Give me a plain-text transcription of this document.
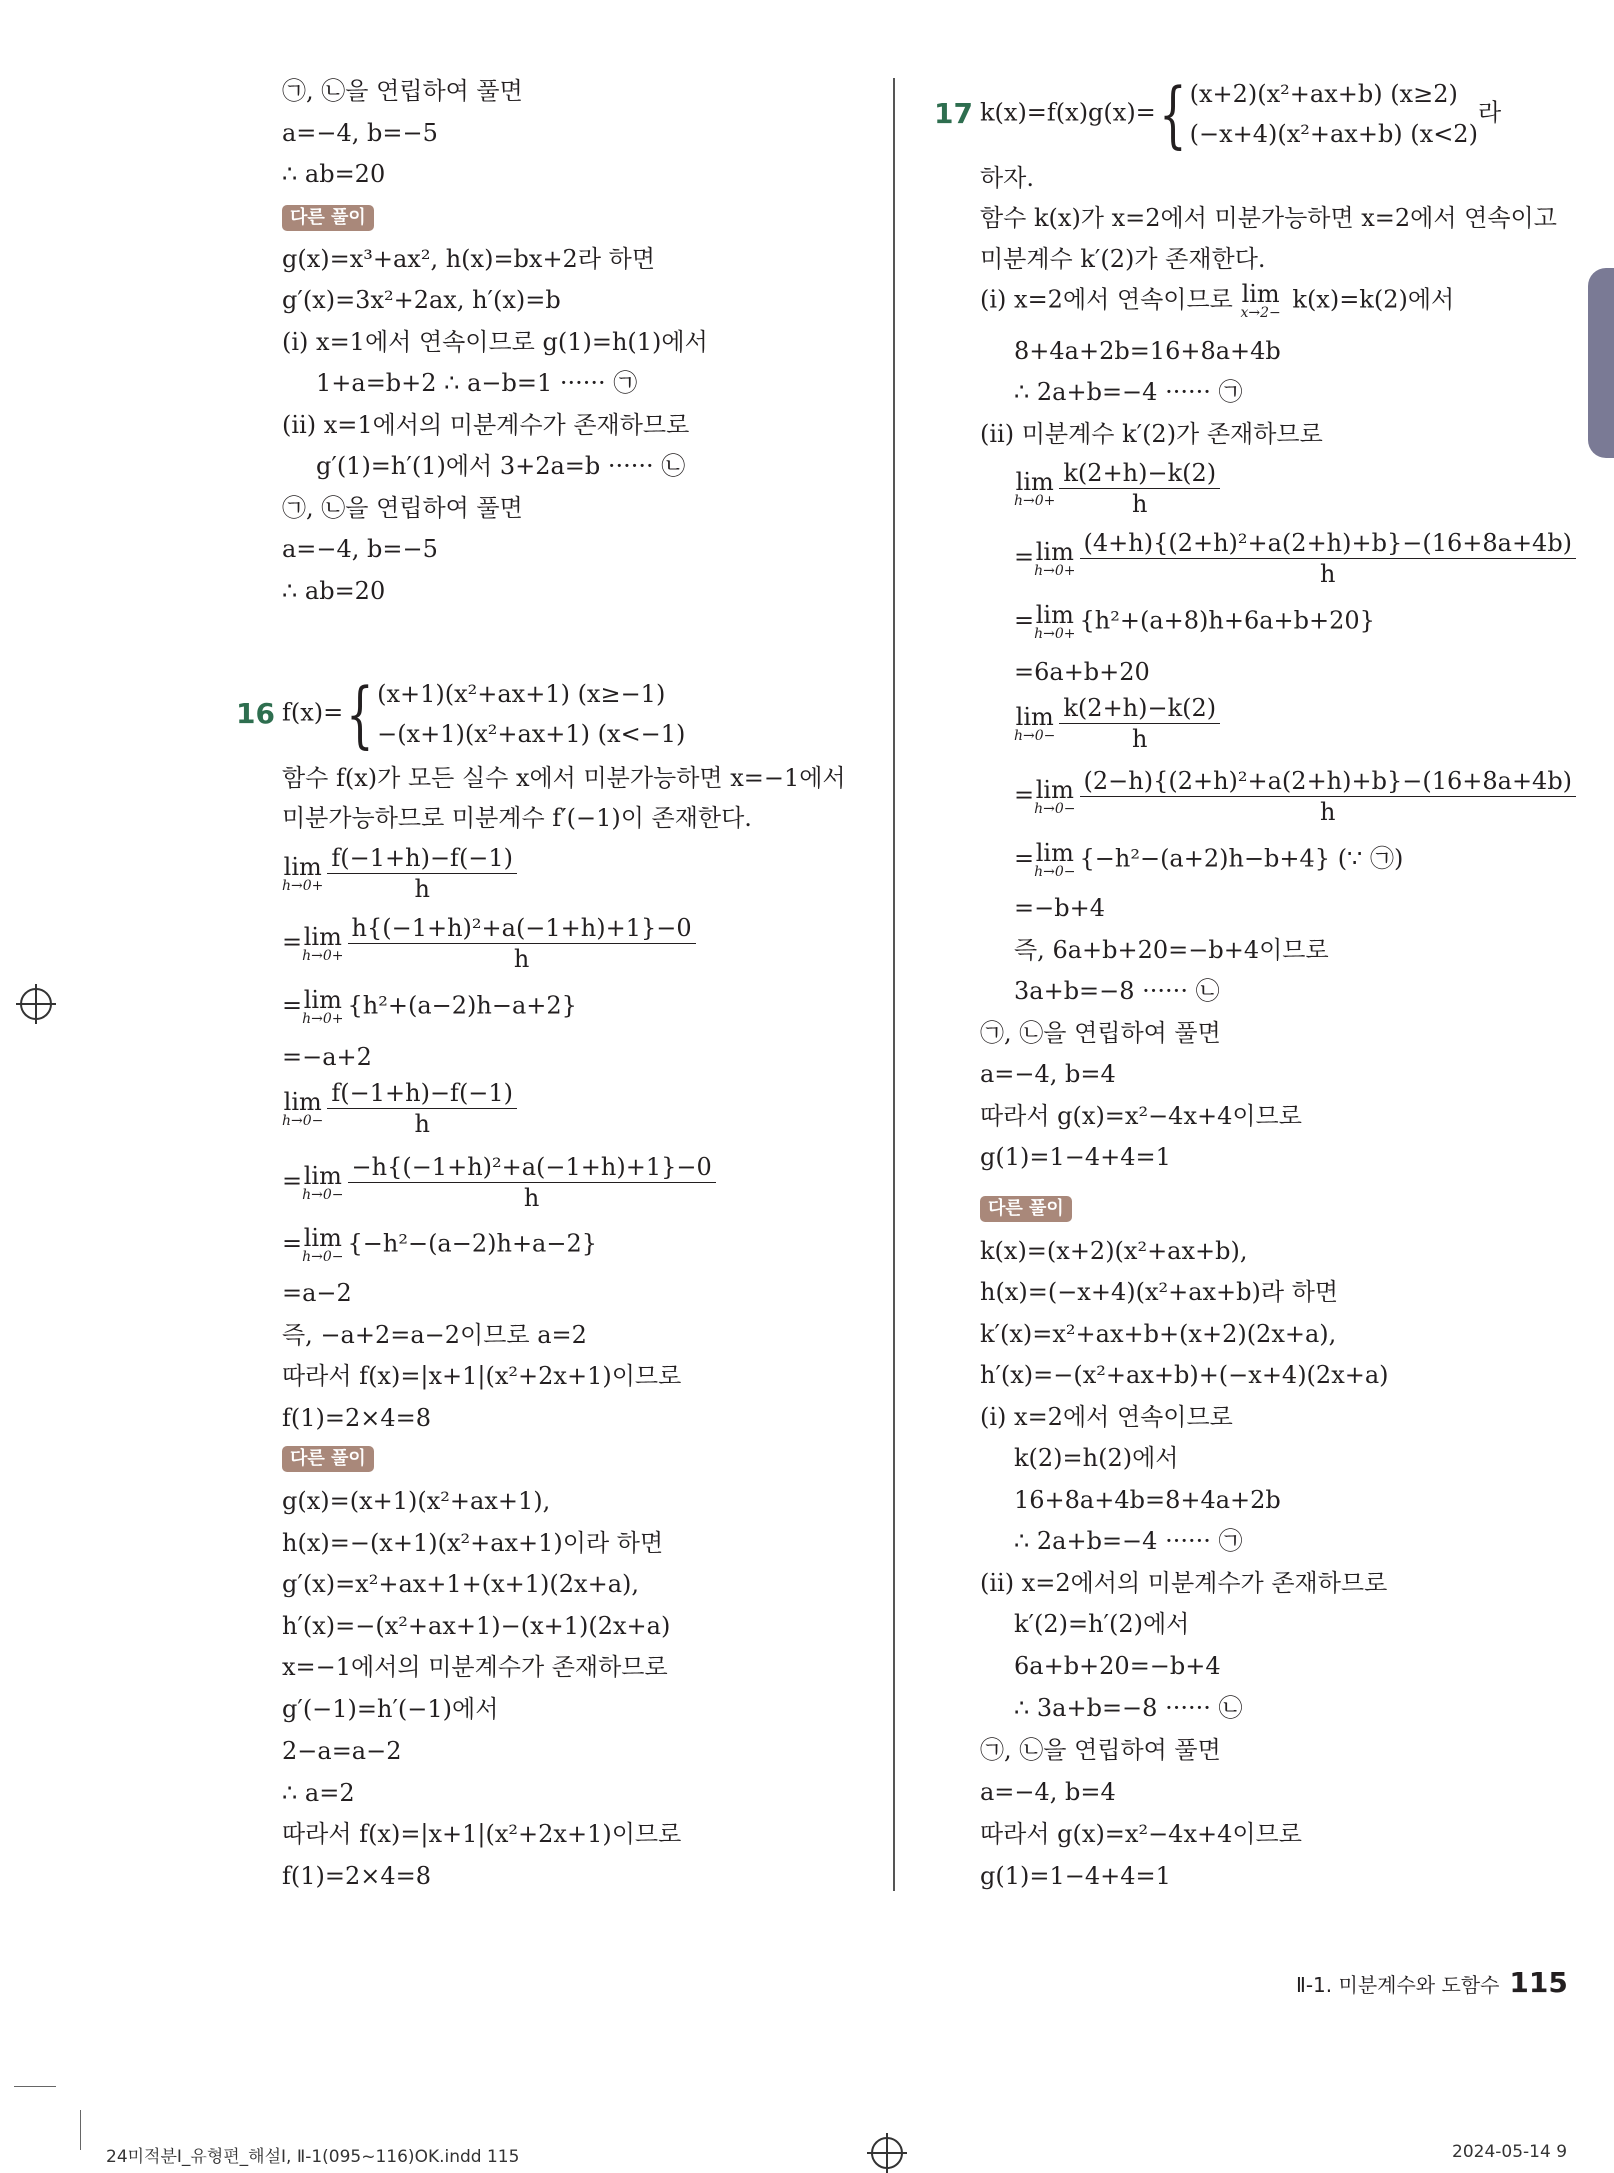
㉠, ㉡을 연립하여 풀면
a=−4, b=−5
∴ ab=20
다른 풀이
g(x)=x³+ax², h(x)=bx+2라 하면
g′(x)=3x²+2ax, h′(x)=b
(ⅰ) x=1에서 연속이므로 g(1)=h(1)에서
1+a=b+2 ∴ a−b=1 ······ ㉠
(ⅱ) x=1에서의 미분계수가 존재하므로
g′(1)=h′(1)에서 3+2a=b ······ ㉡
㉠, ㉡을 연립하여 풀면
a=−4, b=−5
∴ ab=20
16 f(x)={ (x+1)(x²+ax+1) (x≥−1)
−(x+1)(x²+ax+1) (x<−1)
함수 f(x)가 모든 실수 x에서 미분가능하면 x=−1에서
미분가능하므로 미분계수 f′(−1)이 존재한다.
lim
$h\to 0+ \frac{f(-1+h)-f(-1)}{h}$
=lim
$h\to 0+ \frac{\text{h\{(−1+h)²+a(−1+h)+1\}−0}}{h}$
=lim
h→0+ {h²+(a−2)h−a+2}
=−a+2
lim
$h\to 0- \frac{f(-1+h)-f(-1)}{h}$
=lim
$h\to 0- \frac{\text{−h\{(−1+h)²+a(−1+h)+1\}−0}}{h}$
=lim
h→0− {−h²−(a−2)h+a−2}
=a−2
즉, −a+2=a−2이므로 a=2
따라서 f(x)=|x+1|(x²+2x+1)이므로
f(1)=2×4=8
다른 풀이
g(x)=(x+1)(x²+ax+1),
h(x)=−(x+1)(x²+ax+1)이라 하면
g′(x)=x²+ax+1+(x+1)(2x+a),
h′(x)=−(x²+ax+1)−(x+1)(2x+a)
x=−1에서의 미분계수가 존재하므로
g′(−1)=h′(−1)에서
2−a=a−2
∴ a=2
따라서 f(x)=|x+1|(x²+2x+1)이므로
f(1)=2×4=8
17 k(x)=f(x)g(x)={ (x+2)(x²+ax+b) (x≥2)
(−x+4)(x²+ax+b) (x<2)
라
하자.
함수 k(x)가 x=2에서 미분가능하면 x=2에서 연속이고
미분계수 k′(2)가 존재한다.
(ⅰ) x=2에서 연속이므로 lim
x→2− k(x)=k(2)에서
8+4a+2b=16+8a+4b
∴ 2a+b=−4 ······ ㉠
(ⅱ) 미분계수 k′(2)가 존재하므로
lim
$h\to 0+ \frac{k(2+h)-k(2)}{h}$
=lim
$h\to 0+ \frac{\text{(4+h)\{(2+h)²+a(2+h)+b\}−(16+8a+4b)}}{h}$
=lim
h→0+ {h²+(a+8)h+6a+b+20}
=6a+b+20
lim
$h\to 0- \frac{k(2+h)-k(2)}{h}$
=lim
$h\to 0- \frac{\text{(2−h)\{(2+h)²+a(2+h)+b\}−(16+8a+4b)}}{h}$
=lim
h→0− {−h²−(a+2)h−b+4} (∵ ㉠)
=−b+4
즉, 6a+b+20=−b+4이므로
3a+b=−8 ······ ㉡
㉠, ㉡을 연립하여 풀면
a=−4, b=4
따라서 g(x)=x²−4x+4이므로
g(1)=1−4+4=1
다른 풀이
k(x)=(x+2)(x²+ax+b),
h(x)=(−x+4)(x²+ax+b)라 하면
k′(x)=x²+ax+b+(x+2)(2x+a),
h′(x)=−(x²+ax+b)+(−x+4)(2x+a)
(ⅰ) x=2에서 연속이므로
k(2)=h(2)에서
16+8a+4b=8+4a+2b
∴ 2a+b=−4 ······ ㉠
(ⅱ) x=2에서의 미분계수가 존재하므로
k′(2)=h′(2)에서
6a+b+20=−b+4
∴ 3a+b=−8 ······ ㉡
㉠, ㉡을 연립하여 풀면
a=−4, b=4
따라서 g(x)=x²−4x+4이므로
g(1)=1−4+4=1
Ⅱ-1. 미분계수와 도함수 115
24미적분Ⅰ_유형편_해설Ⅰ, Ⅱ-1(095~116)OK.indd 115	2024-05-14 9
